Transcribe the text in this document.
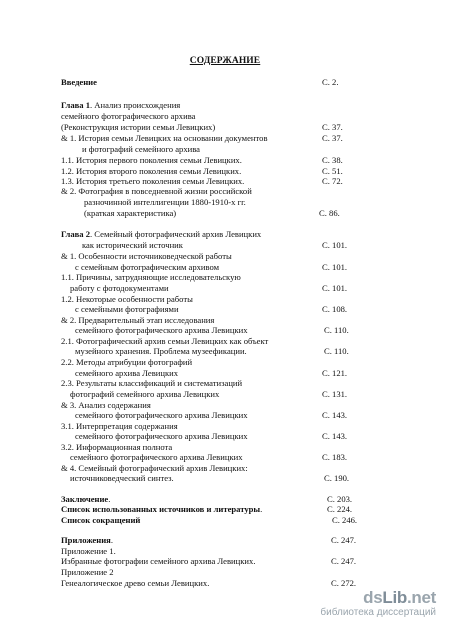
СОДЕРЖАНИЕ
Введение	С. 2.
Глава 1. Анализ происхождения
семейного фотографического архива
(Реконструкция истории семьи Левицких)	С. 37.
& 1. История семьи Левицких на основании документов	С. 37.
и фотографий семейного архива
1.1. История первого поколения семьи Левицких.	С. 38.
1.2. История второго поколения семьи Левицких.	С. 51.
1.3. История третьего поколения семьи Левицких.	С. 72.
& 2. Фотография в повседневной жизни российской
разночинной интеллигенции 1880-1910-х гг.
(краткая характеристика)	С. 86.
Глава 2. Семейный фотографический архив Левицких
как исторический источник	С. 101.
& 1. Особенности источниковедческой работы
с семейным фотографическим архивом	С. 101.
1.1. Причины, затрудняющие исследовательскую
работу с фотодокументами	С. 101.
1.2. Некоторые особенности работы
с семейными фотографиями	С. 108.
& 2. Предварительный этап исследования
семейного фотографического архива Левицких	С. 110.
2.1. Фотографический архив семьи Левицких как объект
музейного хранения. Проблема музеефикации.	С. 110.
2.2. Методы атрибуции фотографий
семейного архива Левицких	С. 121.
2.3. Результаты классификаций и систематизаций
фотографий семейного архива Левицких	С. 131.
& 3. Анализ содержания
семейного фотографического архива Левицких	С. 143.
3.1. Интерпретация содержания
семейного фотографического архива Левицких	С. 143.
3.2. Информационная полнота
семейного фотографического архива Левицких	С. 183.
& 4. Семейный фотографический архив Левицких:
источниковедческий синтез.	С. 190.
Заключение.	С. 203.
Список использованных источников и литературы.	С. 224.
Список сокращений	С. 246.
Приложения.	С. 247.
Приложение 1.
Избранные фотографии семейного архива Левицких.	С. 247.
Приложение 2
Генеалогическое древо семьи Левицких.	С. 272.
dsLib.net
библиотека диссертаций
